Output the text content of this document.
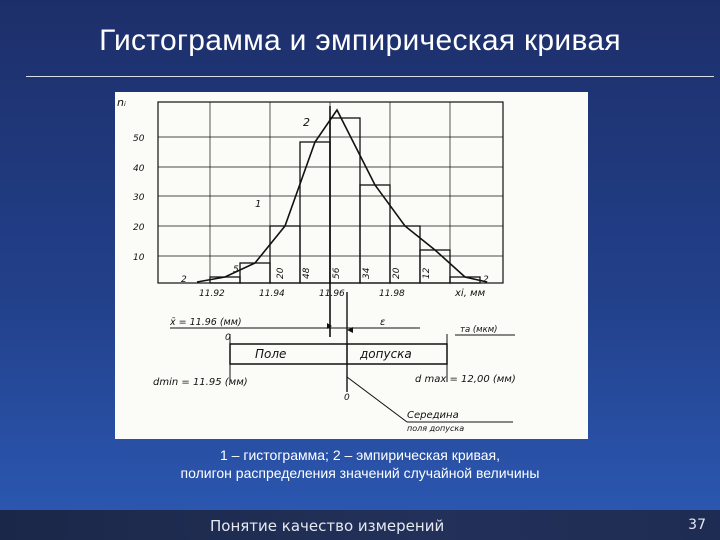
Гистограмма и эмпирическая кривая
nᵢ
10
20
30
40
50
11.92	11.94	11.96	11.98	xi, мм
2
5	20 48 56 34 20 12
2
1
2
x̄ = 11.96 (мм)
0
ε
тa (мкм)
Поле	допуска
dmin = 11.95 (мм)	d max = 12,00 (мм)
0
Середина
поля допуска
1 – гистограмма; 2 – эмпирическая кривая,
полигон распределения значений случайной величины
Понятие качество измерений	37
